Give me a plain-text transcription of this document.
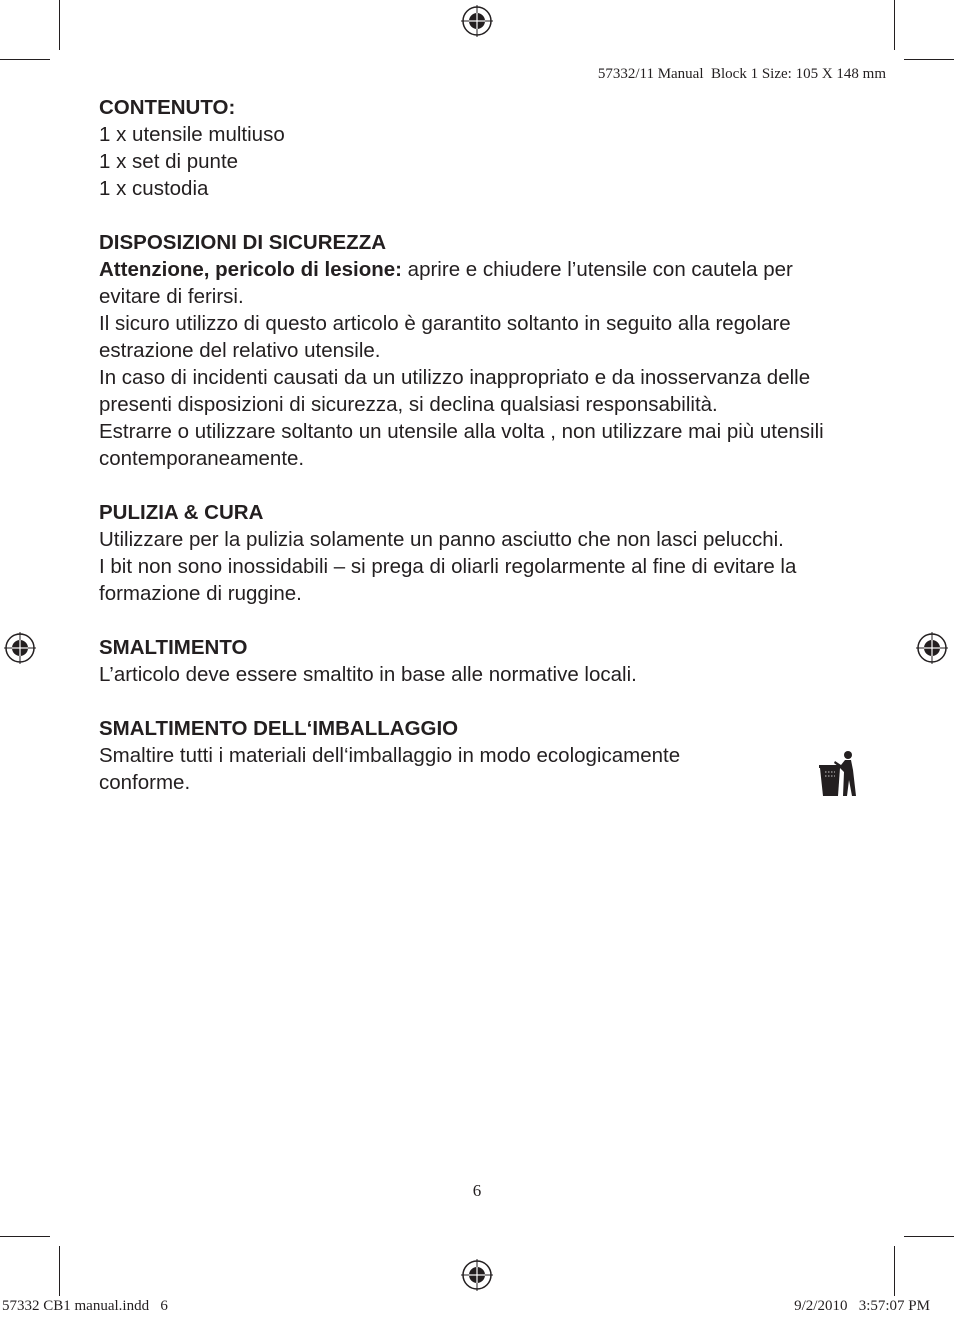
57332/11 Manual  Block 1 Size: 105 X 148 mm
CONTENUTO:
1 x utensile multiuso
1 x set di punte
1 x custodia
DISPOSIZIONI DI SICUREZZA
Attenzione, pericolo di lesione: aprire e chiudere l’utensile con cautela per evitare di ferirsi.
Il sicuro utilizzo di questo articolo è garantito soltanto in seguito alla regolare estrazione del relativo utensile.
In caso di incidenti causati da un utilizzo inappropriato e da inosservanza delle presenti disposizioni di sicurezza, si declina qualsiasi responsabilità.
Estrarre o utilizzare soltanto un utensile alla volta , non utilizzare mai più utensili contemporaneamente.
PULIZIA & CURA
Utilizzare per la pulizia solamente un panno asciutto che non lasci pelucchi.
I bit non sono inossidabili – si prega di oliarli regolarmente al fine di evitare la formazione di ruggine.
SMALTIMENTO
L’articolo deve essere smaltito in base alle normative locali.
SMALTIMENTO DELL‘IMBALLAGGIO
Smaltire tutti i materiali dell‘imballaggio in modo ecologicamente conforme.
6
57332 CB1 manual.indd   6	9/2/2010   3:57:07 PM
